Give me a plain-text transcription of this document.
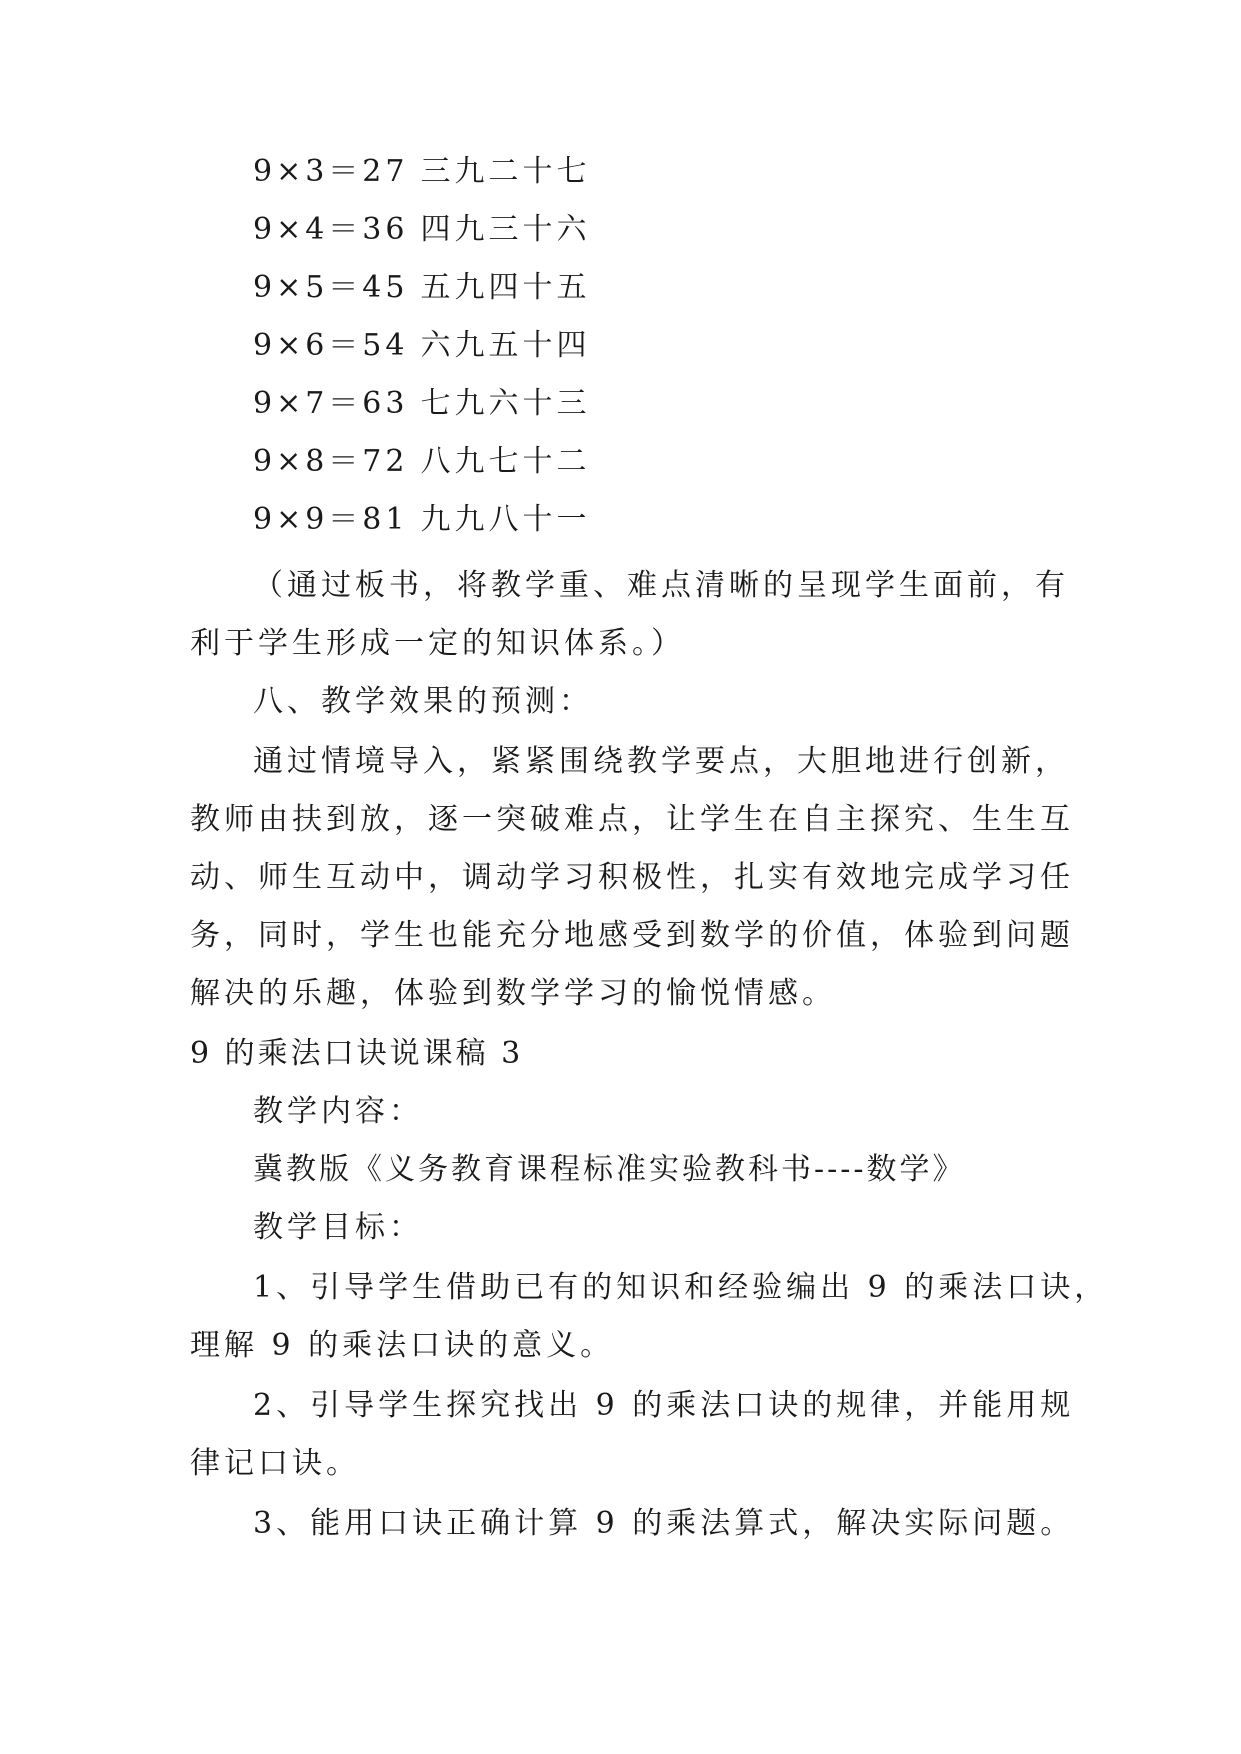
9×3＝27 三九二十七
9×4＝36 四九三十六
9×5＝45 五九四十五
9×6＝54 六九五十四
9×7＝63 七九六十三
9×8＝72 八九七十二
9×9＝81 九九八十一
（通过板书，将教学重、难点清晰的呈现学生面前，有
利于学生形成一定的知识体系。）
八、教学效果的预测：
通过情境导入，紧紧围绕教学要点，大胆地进行创新，
教师由扶到放，逐一突破难点，让学生在自主探究、生生互
动、师生互动中，调动学习积极性，扎实有效地完成学习任
务，同时，学生也能充分地感受到数学的价值，体验到问题
解决的乐趣，体验到数学学习的愉悦情感。
9 的乘法口诀说课稿 3
教学内容：
冀教版《义务教育课程标准实验教科书----数学》
教学目标：
1、引导学生借助已有的知识和经验编出 9 的乘法口诀，
理解 9 的乘法口诀的意义。
2、引导学生探究找出 9 的乘法口诀的规律，并能用规
律记口诀。
3、能用口诀正确计算 9 的乘法算式，解决实际问题。
